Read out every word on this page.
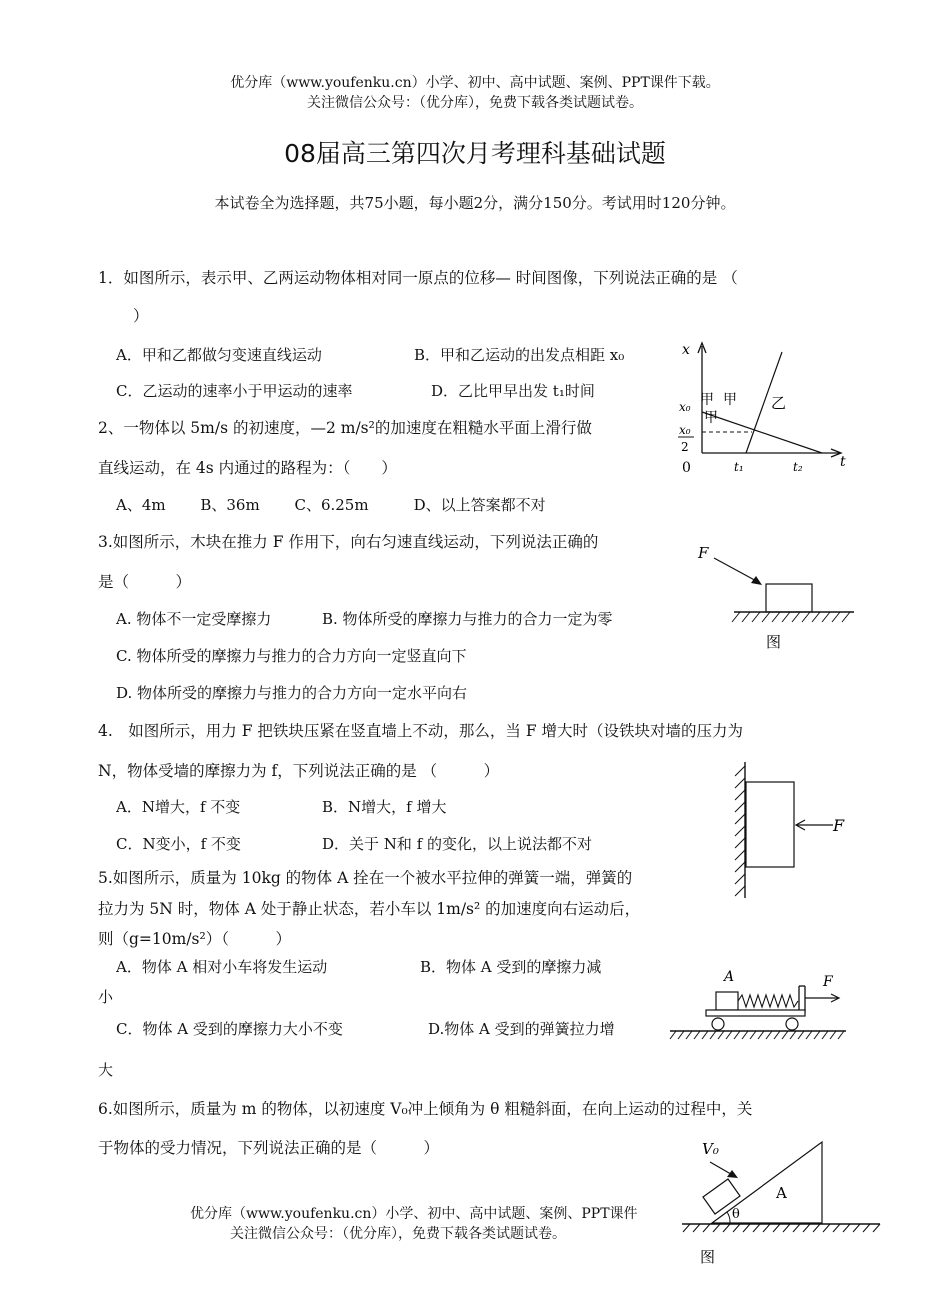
优分库（www.youfenku.cn）小学、初中、高中试题、案例、PPT课件下载。
关注微信公众号：（优分库），免费下载各类试题试卷。
08届高三第四次月考理科基础试题
本试卷全为选择题，共75小题，每小题2分，满分150分。考试用时120分钟。
1．如图所示，表示甲、乙两运动物体相对同一原点的位移— 时间图像，下列说法正确的是 （
）
A．甲和乙都做匀变速直线运动	B．甲和乙运动的出发点相距 x₀
C．乙运动的速率小于甲运动的速率	D．乙比甲早出发 t₁时间
x
t
0
x₀
x₀
2
t₁	t₂
甲 甲
甲
乙
2、一物体以 5m/s 的初速度，—2 m/s²的加速度在粗糙水平面上滑行做
直线运动，在 4s 内通过的路程为：（　　）
A、4m　　 B、36m　　 C、6.25m　　　D、以上答案都不对
3.如图所示，木块在推力 F 作用下，向右匀速直线运动，下列说法正确的
是（　　　）
A. 物体不一定受摩擦力	B. 物体所受的摩擦力与推力的合力一定为零
C. 物体所受的摩擦力与推力的合力方向一定竖直向下
D. 物体所受的摩擦力与推力的合力方向一定水平向右
F
图
4.　如图所示，用力 F 把铁块压紧在竖直墙上不动，那么，当 F 增大时（设铁块对墙的压力为
N，物体受墙的摩擦力为 f，下列说法正确的是 （　　　）
A．N增大，f 不变	B．N增大，f 增大
C．N变小，f 不变	D．关于 N和 f 的变化，以上说法都不对
F
5.如图所示，质量为 10kg 的物体 A 拴在一个被水平拉伸的弹簧一端，弹簧的
拉力为 5N 时，物体 A 处于静止状态，若小车以 1m/s² 的加速度向右运动后，
则（g=10m/s²）（　　　）
A．物体 A 相对小车将发生运动	B．物体 A 受到的摩擦力减
小
C．物体 A 受到的摩擦力大小不变	D.物体 A 受到的弹簧拉力增
大
A	F
6.如图所示，质量为 m 的物体，以初速度 V₀冲上倾角为 θ 粗糙斜面，在向上运动的过程中，关
于物体的受力情况，下列说法正确的是（　　　）	V₀
θ
A
图
优分库（www.youfenku.cn）小学、初中、高中试题、案例、PPT课件
关注微信公众号：（优分库），免费下载各类试题试卷。
